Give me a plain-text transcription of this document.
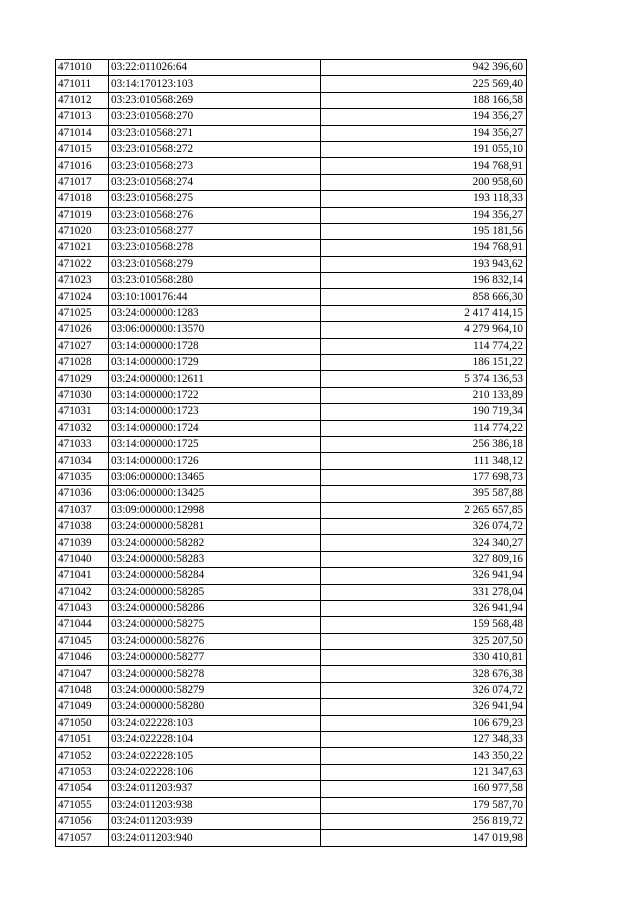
471010	03:22:011026:64	942 396,60
471011	03:14:170123:103	225 569,40
471012	03:23:010568:269	188 166,58
471013	03:23:010568:270	194 356,27
471014	03:23:010568:271	194 356,27
471015	03:23:010568:272	191 055,10
471016	03:23:010568:273	194 768,91
471017	03:23:010568:274	200 958,60
471018	03:23:010568:275	193 118,33
471019	03:23:010568:276	194 356,27
471020	03:23:010568:277	195 181,56
471021	03:23:010568:278	194 768,91
471022	03:23:010568:279	193 943,62
471023	03:23:010568:280	196 832,14
471024	03:10:100176:44	858 666,30
471025	03:24:000000:1283	2 417 414,15
471026	03:06:000000:13570	4 279 964,10
471027	03:14:000000:1728	114 774,22
471028	03:14:000000:1729	186 151,22
471029	03:24:000000:12611	5 374 136,53
471030	03:14:000000:1722	210 133,89
471031	03:14:000000:1723	190 719,34
471032	03:14:000000:1724	114 774,22
471033	03:14:000000:1725	256 386,18
471034	03:14:000000:1726	111 348,12
471035	03:06:000000:13465	177 698,73
471036	03:06:000000:13425	395 587,88
471037	03:09:000000:12998	2 265 657,85
471038	03:24:000000:58281	326 074,72
471039	03:24:000000:58282	324 340,27
471040	03:24:000000:58283	327 809,16
471041	03:24:000000:58284	326 941,94
471042	03:24:000000:58285	331 278,04
471043	03:24:000000:58286	326 941,94
471044	03:24:000000:58275	159 568,48
471045	03:24:000000:58276	325 207,50
471046	03:24:000000:58277	330 410,81
471047	03:24:000000:58278	328 676,38
471048	03:24:000000:58279	326 074,72
471049	03:24:000000:58280	326 941,94
471050	03:24:022228:103	106 679,23
471051	03:24:022228:104	127 348,33
471052	03:24:022228:105	143 350,22
471053	03:24:022228:106	121 347,63
471054	03:24:011203:937	160 977,58
471055	03:24:011203:938	179 587,70
471056	03:24:011203:939	256 819,72
471057	03:24:011203:940	147 019,98
